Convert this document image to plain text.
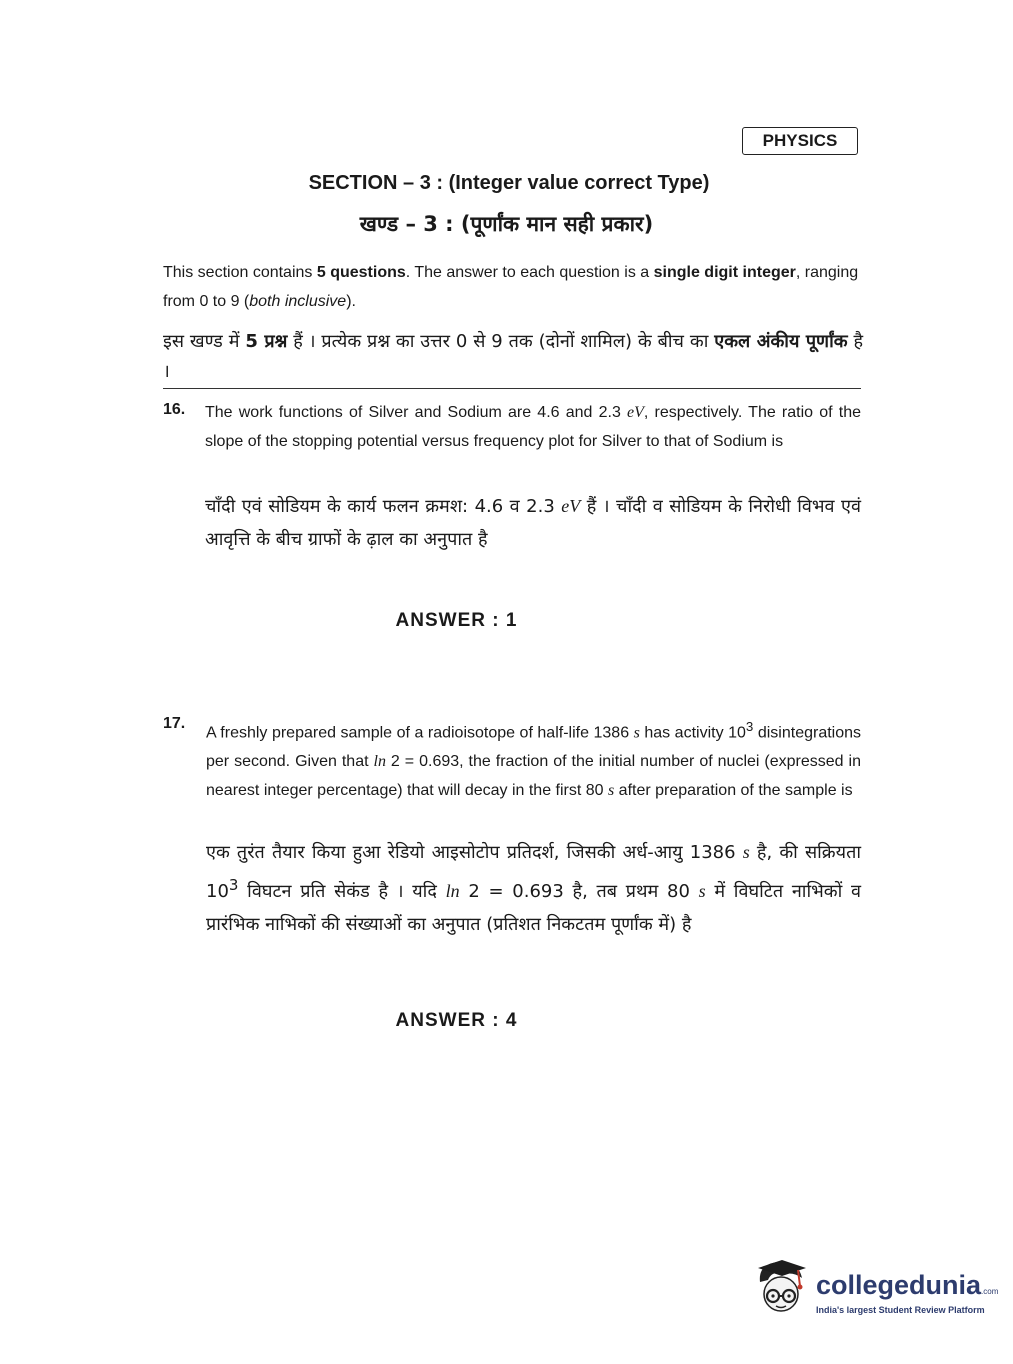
PHYSICS
SECTION – 3 : (Integer value correct Type)
खण्ड – 3 : (पूर्णांक मान सही प्रकार)
This section contains 5 questions. The answer to each question is a single digit integer, ranging from 0 to 9 (both inclusive).
इस खण्ड में 5 प्रश्न हैं । प्रत्येक प्रश्न का उत्तर 0 से 9 तक (दोनों शामिल) के बीच का एकल अंकीय पूर्णांक है ।
16. The work functions of Silver and Sodium are 4.6 and 2.3 eV, respectively. The ratio of the slope of the stopping potential versus frequency plot for Silver to that of Sodium is
चाँदी एवं सोडियम के कार्य फलन क्रमश: 4.6 व 2.3 eV हैं । चाँदी व सोडियम के निरोधी विभव एवं आवृत्ति के बीच ग्राफों के ढ़ाल का अनुपात है
ANSWER : 1
17.
A freshly prepared sample of a radioisotope of half-life 1386 s has activity $10^3$ disintegrations per second. Given that ln 2 = 0.693, the fraction of the initial number of nuclei (expressed in nearest integer percentage) that will decay in the first 80 s after preparation of the sample is
एक तुरंत तैयार किया हुआ रेडियो आइसोटोप प्रतिदर्श, जिसकी अर्ध-आयु 1386 s है, की सक्रियता $10^3$ विघटन प्रति सेकंड है । यदि ln 2 = 0.693 है, तब प्रथम 80 s में विघटित नाभिकों व प्रारंभिक नाभिकों की संख्याओं का अनुपात (प्रतिशत निकटतम पूर्णांक में) है
ANSWER : 4
collegedunia.com
India's largest Student Review Platform
